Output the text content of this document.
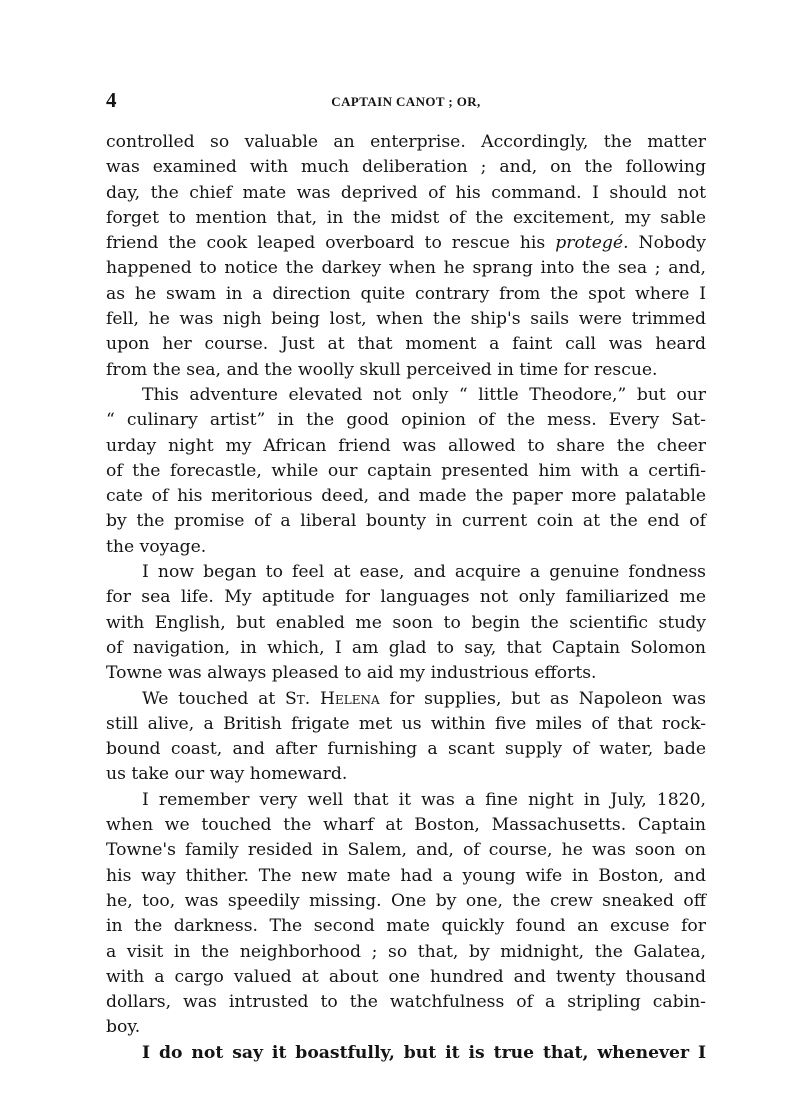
4	CAPTAIN CANOT ; OR,
controlled so valuable an enterprise. Accordingly, the matter
was examined with much deliberation ; and, on the following
day, the chief mate was deprived of his command. I should not
forget to mention that, in the midst of the excitement, my sable
friend the cook leaped overboard to rescue his protegé. Nobody
happened to notice the darkey when he sprang into the sea ; and,
as he swam in a direction quite contrary from the spot where I
fell, he was nigh being lost, when the ship's sails were trimmed
upon her course. Just at that moment a faint call was heard
from the sea, and the woolly skull perceived in time for rescue.
This adventure elevated not only “ little Theodore,” but our
“ culinary artist” in the good opinion of the mess. Every Sat-
urday night my African friend was allowed to share the cheer
of the forecastle, while our captain presented him with a certifi-
cate of his meritorious deed, and made the paper more palatable
by the promise of a liberal bounty in current coin at the end of
the voyage.
I now began to feel at ease, and acquire a genuine fondness
for sea life. My aptitude for languages not only familiarized me
with English, but enabled me soon to begin the scientific study
of navigation, in which, I am glad to say, that Captain Solomon
Towne was always pleased to aid my industrious efforts.
We touched at St. Helena for supplies, but as Napoleon was
still alive, a British frigate met us within five miles of that rock-
bound coast, and after furnishing a scant supply of water, bade
us take our way homeward.
I remember very well that it was a fine night in July, 1820,
when we touched the wharf at Boston, Massachusetts. Captain
Towne's family resided in Salem, and, of course, he was soon on
his way thither. The new mate had a young wife in Boston, and
he, too, was speedily missing. One by one, the crew sneaked off
in the darkness. The second mate quickly found an excuse for
a visit in the neighborhood ; so that, by midnight, the Galatea,
with a cargo valued at about one hundred and twenty thousand
dollars, was intrusted to the watchfulness of a stripling cabin-
boy.
I do not say it boastfully, but it is true that, whenever I
